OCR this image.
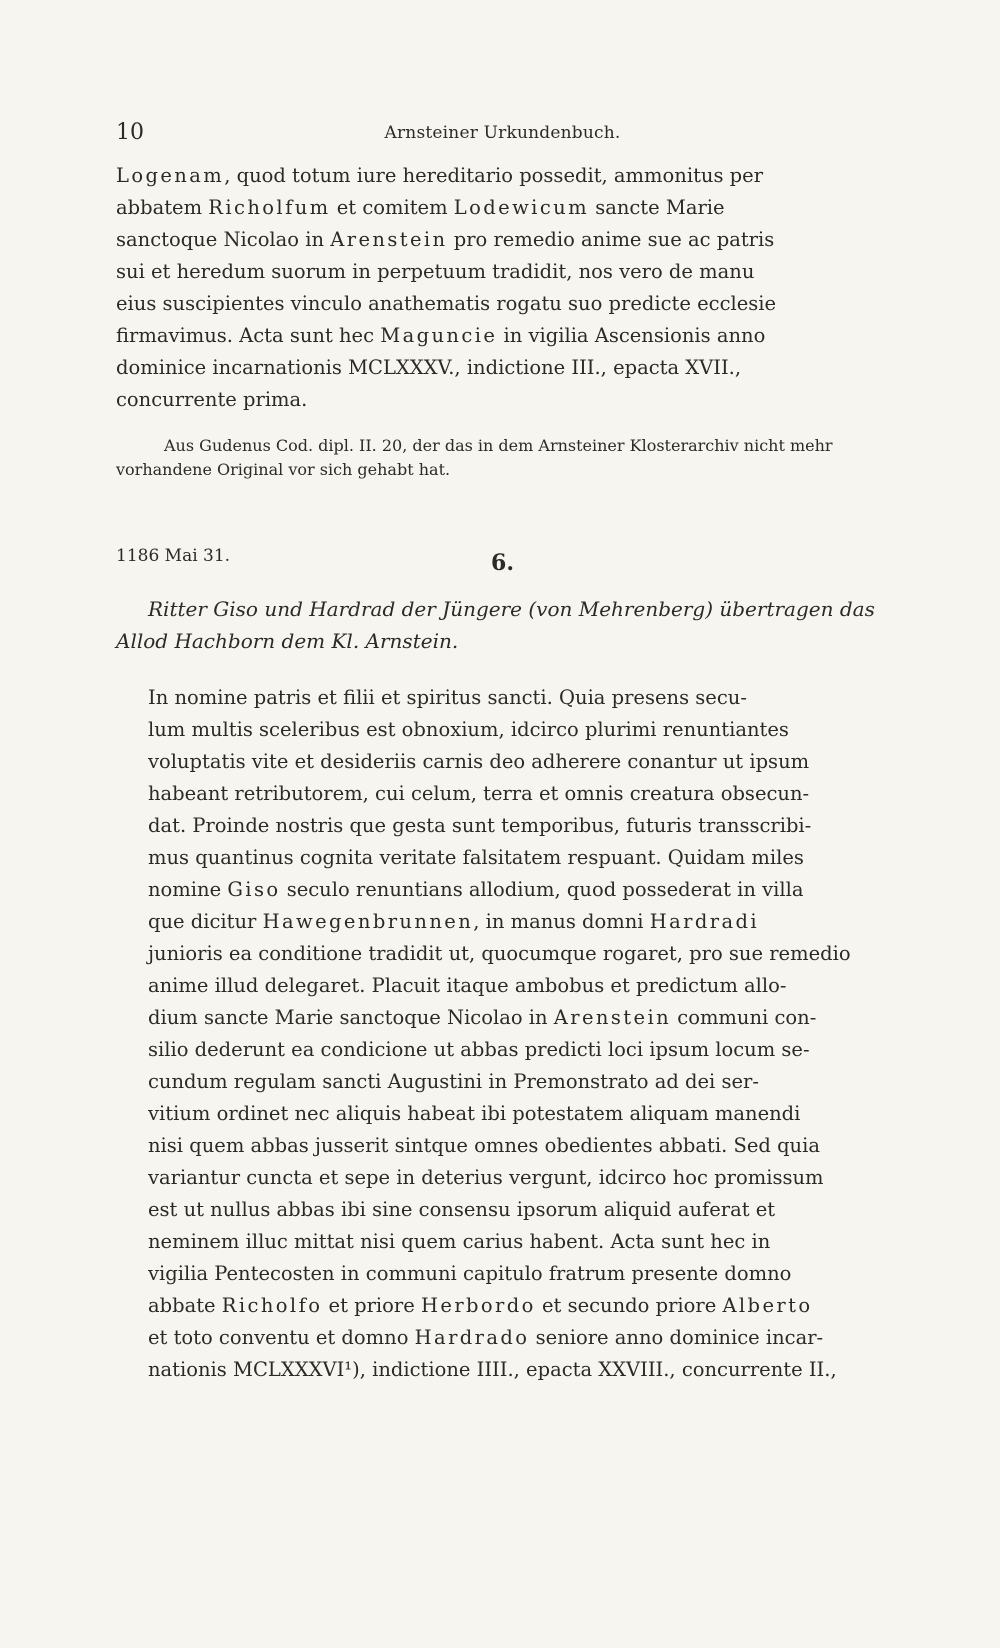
10	Arnsteiner Urkundenbuch.
Logenam, quod totum iure hereditario possedit, ammonitus per
abbatem Richolfum et comitem Lodewicum sancte Marie
sanctoque Nicolao in Arenstein pro remedio anime sue ac patris
sui et heredum suorum in perpetuum tradidit, nos vero de manu
eius suscipientes vinculo anathematis rogatu suo predicte ecclesie
firmavimus. Acta sunt hec Maguncie in vigilia Ascensionis anno
dominice incarnationis MCLXXXV., indictione III., epacta XVII.,
concurrente prima.

Aus Gudenus Cod. dipl. II. 20, der das in dem Arnsteiner Klosterarchiv nicht mehr vorhandene Original vor sich gehabt hat.

1186 Mai 31.	6.

Ritter Giso und Hardrad der Jüngere (von Mehrenberg) übertragen das Allod Hachborn dem Kl. Arnstein.

In nomine patris et filii et spiritus sancti. Quia presens secu-
lum multis sceleribus est obnoxium, idcirco plurimi renuntiantes
voluptatis vite et desideriis carnis deo adherere conantur ut ipsum
habeant retributorem, cui celum, terra et omnis creatura obsecun-
dat. Proinde nostris que gesta sunt temporibus, futuris transscribi-
mus quantinus cognita veritate falsitatem respuant. Quidam miles
nomine Giso seculo renuntians allodium, quod possederat in villa
que dicitur Hawegenbrunnen, in manus domni Hardradi
junioris ea conditione tradidit ut, quocumque rogaret, pro sue remedio
anime illud delegaret. Placuit itaque ambobus et predictum allo-
dium sancte Marie sanctoque Nicolao in Arenstein communi con-
silio dederunt ea condicione ut abbas predicti loci ipsum locum se-
cundum regulam sancti Augustini in Premonstrato ad dei ser-
vitium ordinet nec aliquis habeat ibi potestatem aliquam manendi
nisi quem abbas jusserit sintque omnes obedientes abbati. Sed quia
variantur cuncta et sepe in deterius vergunt, idcirco hoc promissum
est ut nullus abbas ibi sine consensu ipsorum aliquid auferat et
neminem illuc mittat nisi quem carius habent. Acta sunt hec in
vigilia Pentecosten in communi capitulo fratrum presente domno
abbate Richolfo et priore Herbordo et secundo priore Alberto
et toto conventu et domno Hardrado seniore anno dominice incar-
nationis MCLXXXVI¹), indictione IIII., epacta XXVIII., concurrente II.,
